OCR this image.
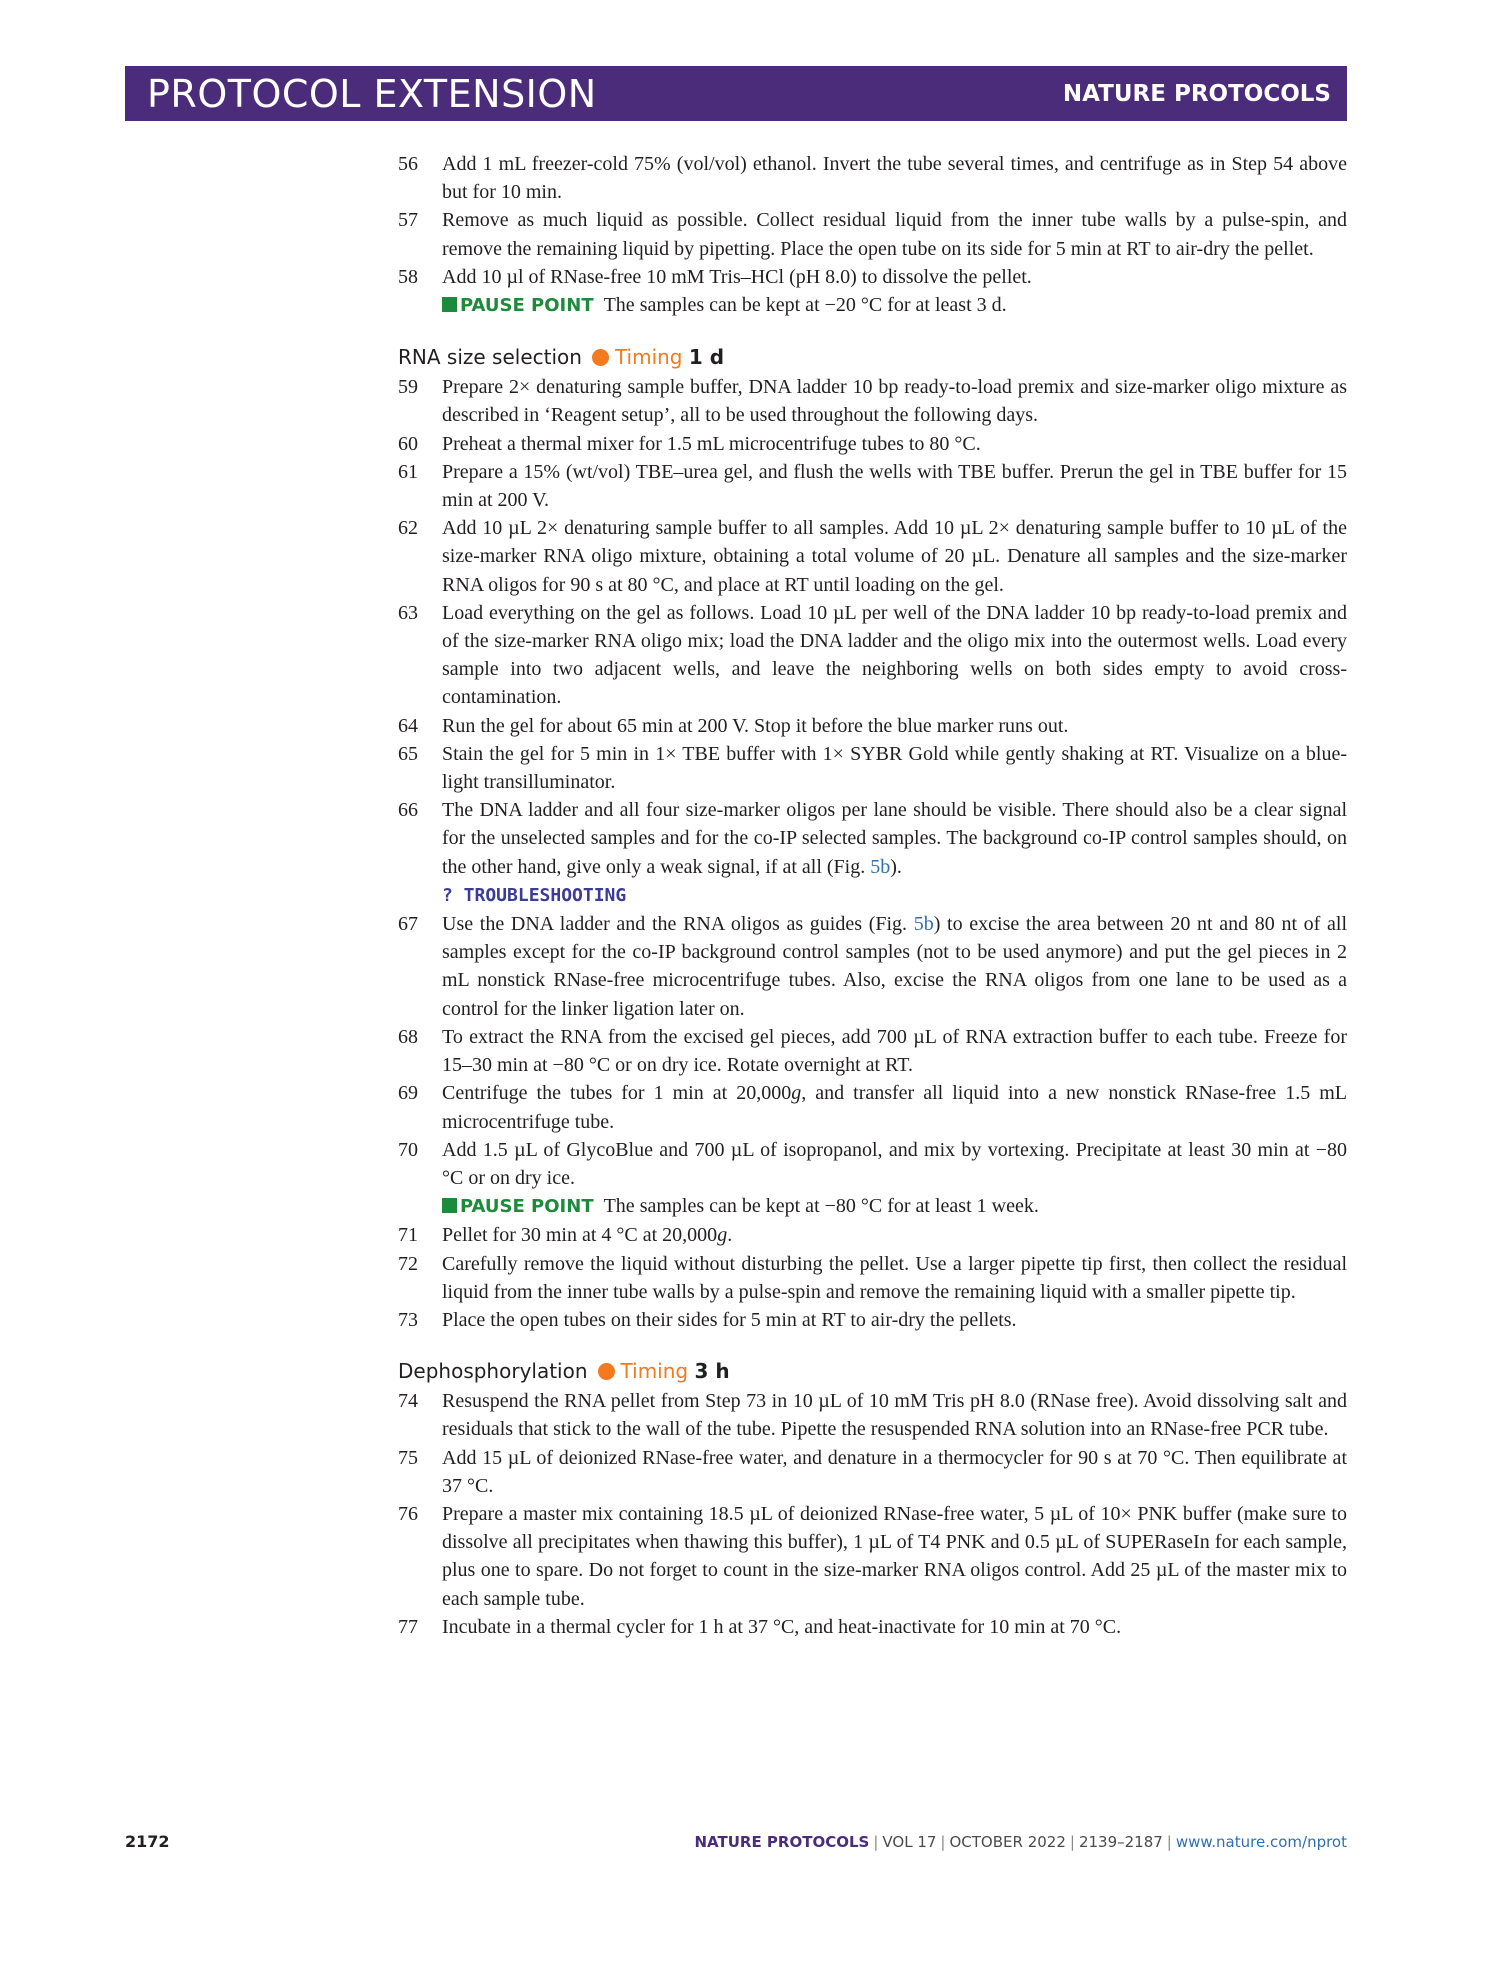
PROTOCOL EXTENSION	NATURE PROTOCOLS
56	Add 1 mL freezer-cold 75% (vol/vol) ethanol. Invert the tube several times, and centrifuge as in Step 54 above but for 10 min.
57	Remove as much liquid as possible. Collect residual liquid from the inner tube walls by a pulse-spin, and remove the remaining liquid by pipetting. Place the open tube on its side for 5 min at RT to air-dry the pellet.
58	Add 10 µl of RNase-free 10 mM Tris–HCl (pH 8.0) to dissolve the pellet.
PAUSE POINT The samples can be kept at −20 °C for at least 3 d.
RNA size selection Timing 1 d
59	Prepare 2× denaturing sample buffer, DNA ladder 10 bp ready-to-load premix and size-marker oligo mixture as described in ‘Reagent setup’, all to be used throughout the following days.
60	Preheat a thermal mixer for 1.5 mL microcentrifuge tubes to 80 °C.
61	Prepare a 15% (wt/vol) TBE–urea gel, and flush the wells with TBE buffer. Prerun the gel in TBE buffer for 15 min at 200 V.
62	Add 10 µL 2× denaturing sample buffer to all samples. Add 10 µL 2× denaturing sample buffer to 10 µL of the size-marker RNA oligo mixture, obtaining a total volume of 20 µL. Denature all samples and the size-marker RNA oligos for 90 s at 80 °C, and place at RT until loading on the gel.
63	Load everything on the gel as follows. Load 10 µL per well of the DNA ladder 10 bp ready-to-load premix and of the size-marker RNA oligo mix; load the DNA ladder and the oligo mix into the outermost wells. Load every sample into two adjacent wells, and leave the neighboring wells on both sides empty to avoid cross-contamination.
64	Run the gel for about 65 min at 200 V. Stop it before the blue marker runs out.
65	Stain the gel for 5 min in 1× TBE buffer with 1× SYBR Gold while gently shaking at RT. Visualize on a blue-light transilluminator.
66	The DNA ladder and all four size-marker oligos per lane should be visible. There should also be a clear signal for the unselected samples and for the co-IP selected samples. The background co-IP control samples should, on the other hand, give only a weak signal, if at all (Fig. 5b).
? TROUBLESHOOTING
67	Use the DNA ladder and the RNA oligos as guides (Fig. 5b) to excise the area between 20 nt and 80 nt of all samples except for the co-IP background control samples (not to be used anymore) and put the gel pieces in 2 mL nonstick RNase-free microcentrifuge tubes. Also, excise the RNA oligos from one lane to be used as a control for the linker ligation later on.
68	To extract the RNA from the excised gel pieces, add 700 µL of RNA extraction buffer to each tube. Freeze for 15–30 min at −80 °C or on dry ice. Rotate overnight at RT.
69	Centrifuge the tubes for 1 min at 20,000g, and transfer all liquid into a new nonstick RNase-free 1.5 mL microcentrifuge tube.
70	Add 1.5 µL of GlycoBlue and 700 µL of isopropanol, and mix by vortexing. Precipitate at least 30 min at −80 °C or on dry ice.
PAUSE POINT The samples can be kept at −80 °C for at least 1 week.
71	Pellet for 30 min at 4 °C at 20,000g.
72	Carefully remove the liquid without disturbing the pellet. Use a larger pipette tip first, then collect the residual liquid from the inner tube walls by a pulse-spin and remove the remaining liquid with a smaller pipette tip.
73	Place the open tubes on their sides for 5 min at RT to air-dry the pellets.
Dephosphorylation Timing 3 h
74	Resuspend the RNA pellet from Step 73 in 10 µL of 10 mM Tris pH 8.0 (RNase free). Avoid dissolving salt and residuals that stick to the wall of the tube. Pipette the resuspended RNA solution into an RNase-free PCR tube.
75	Add 15 µL of deionized RNase-free water, and denature in a thermocycler for 90 s at 70 °C. Then equilibrate at 37 °C.
76	Prepare a master mix containing 18.5 µL of deionized RNase-free water, 5 µL of 10× PNK buffer (make sure to dissolve all precipitates when thawing this buffer), 1 µL of T4 PNK and 0.5 µL of SUPERaseIn for each sample, plus one to spare. Do not forget to count in the size-marker RNA oligos control. Add 25 µL of the master mix to each sample tube.
77	Incubate in a thermal cycler for 1 h at 37 °C, and heat-inactivate for 10 min at 70 °C.
2172	NATURE PROTOCOLS | VOL 17 | OCTOBER 2022 | 2139–2187 | www.nature.com/nprot
